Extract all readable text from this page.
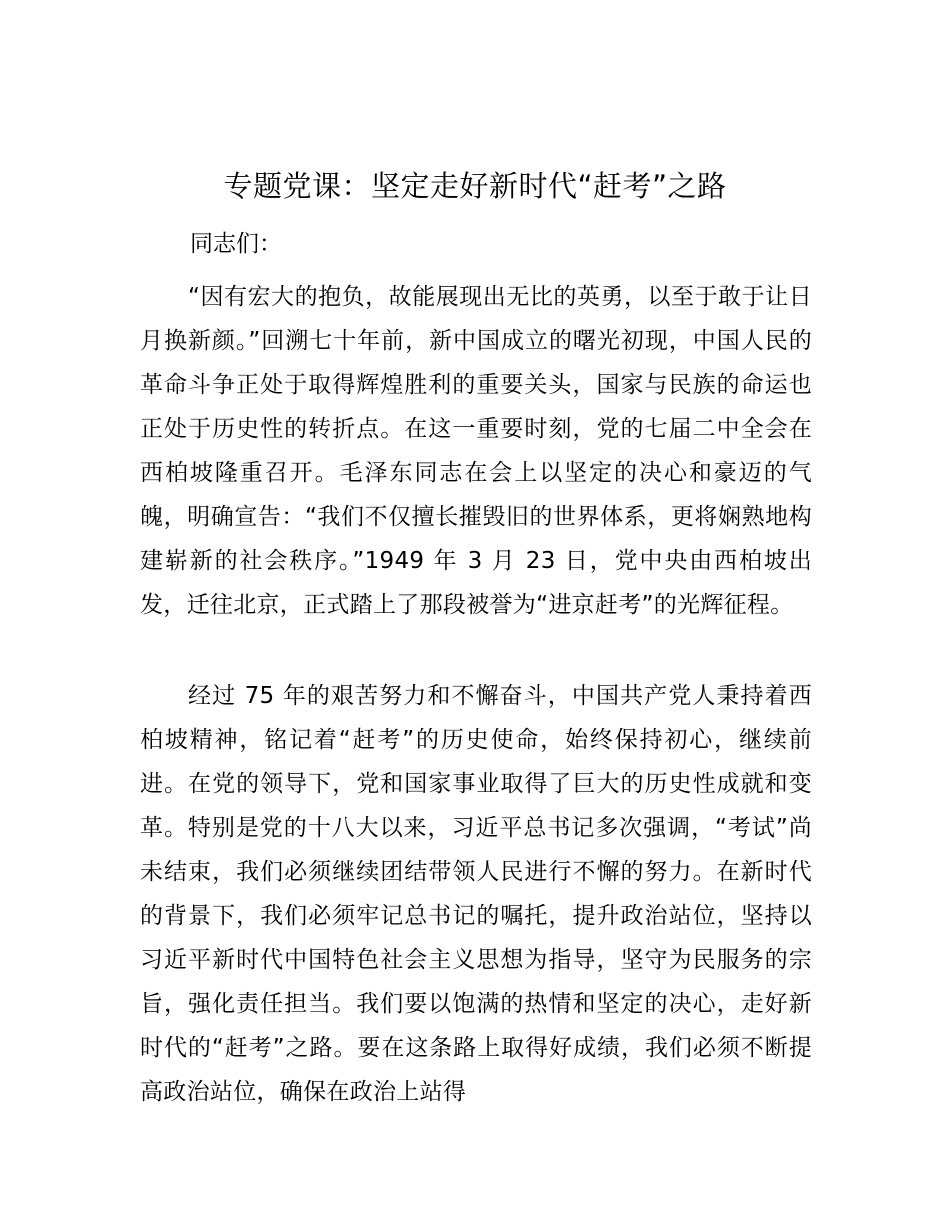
专题党课：坚定走好新时代“赶考”之路

同志们：

“因有宏大的抱负，故能展现出无比的英勇，以至于敢于让日月换新颜。”回溯七十年前，新中国成立的曙光初现，中国人民的革命斗争正处于取得辉煌胜利的重要关头，国家与民族的命运也正处于历史性的转折点。在这一重要时刻，党的七届二中全会在西柏坡隆重召开。毛泽东同志在会上以坚定的决心和豪迈的气魄，明确宣告：“我们不仅擅长摧毁旧的世界体系，更将娴熟地构建崭新的社会秩序。”1949 年 3 月 23 日，党中央由西柏坡出发，迁往北京，正式踏上了那段被誉为“进京赶考”的光辉征程。

经过 75 年的艰苦努力和不懈奋斗，中国共产党人秉持着西柏坡精神，铭记着“赶考”的历史使命，始终保持初心，继续前进。在党的领导下，党和国家事业取得了巨大的历史性成就和变革。特别是党的十八大以来，习近平总书记多次强调，“考试”尚未结束，我们必须继续团结带领人民进行不懈的努力。在新时代的背景下，我们必须牢记总书记的嘱托，提升政治站位，坚持以习近平新时代中国特色社会主义思想为指导，坚守为民服务的宗旨，强化责任担当。我们要以饱满的热情和坚定的决心，走好新时代的“赶考”之路。要在这条路上取得好成绩，我们必须不断提高政治站位，确保在政治上站得
